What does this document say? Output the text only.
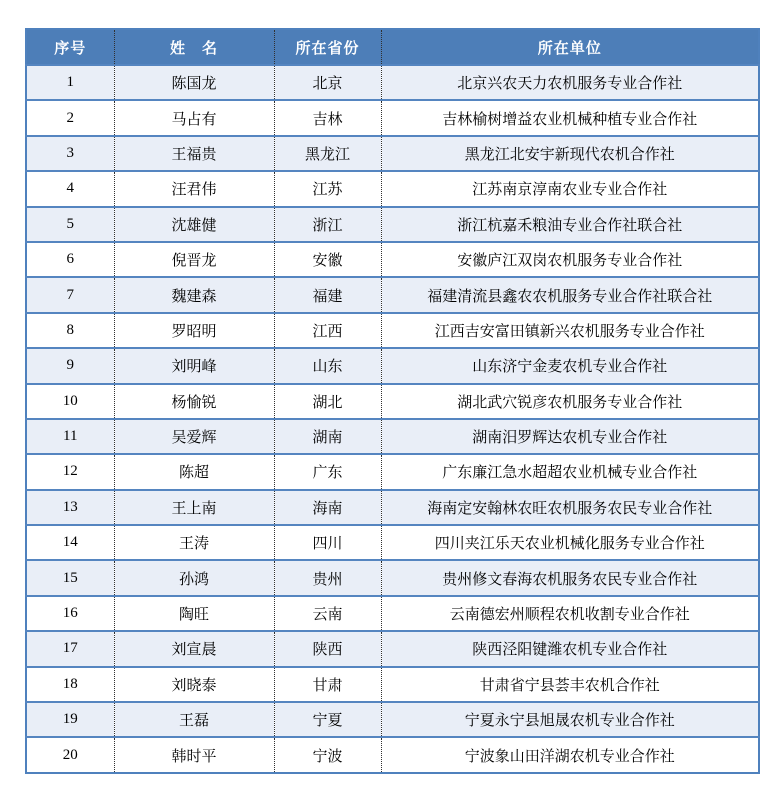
序号	姓　名	所在省份	所在单位
1	陈国龙	北京	北京兴农天力农机服务专业合作社
2	马占有	吉林	吉林榆树增益农业机械种植专业合作社
3	王福贵	黑龙江	黑龙江北安宇新现代农机合作社
4	汪君伟	江苏	江苏南京淳南农业专业合作社
5	沈雄健	浙江	浙江杭嘉禾粮油专业合作社联合社
6	倪晋龙	安徽	安徽庐江双岗农机服务专业合作社
7	魏建森	福建	福建清流县鑫农农机服务专业合作社联合社
8	罗昭明	江西	江西吉安富田镇新兴农机服务专业合作社
9	刘明峰	山东	山东济宁金麦农机专业合作社
10	杨愉锐	湖北	湖北武穴锐彦农机服务专业合作社
11	吴爱辉	湖南	湖南汨罗辉达农机专业合作社
12	陈超	广东	广东廉江急水超超农业机械专业合作社
13	王上南	海南	海南定安翰林农旺农机服务农民专业合作社
14	王涛	四川	四川夹江乐天农业机械化服务专业合作社
15	孙鸿	贵州	贵州修文春海农机服务农民专业合作社
16	陶旺	云南	云南德宏州顺程农机收割专业合作社
17	刘宣晨	陕西	陕西泾阳键潍农机专业合作社
18	刘晓泰	甘肃	甘肃省宁县荟丰农机合作社
19	王磊	宁夏	宁夏永宁县旭晟农机专业合作社
20	韩时平	宁波	宁波象山田洋湖农机专业合作社
